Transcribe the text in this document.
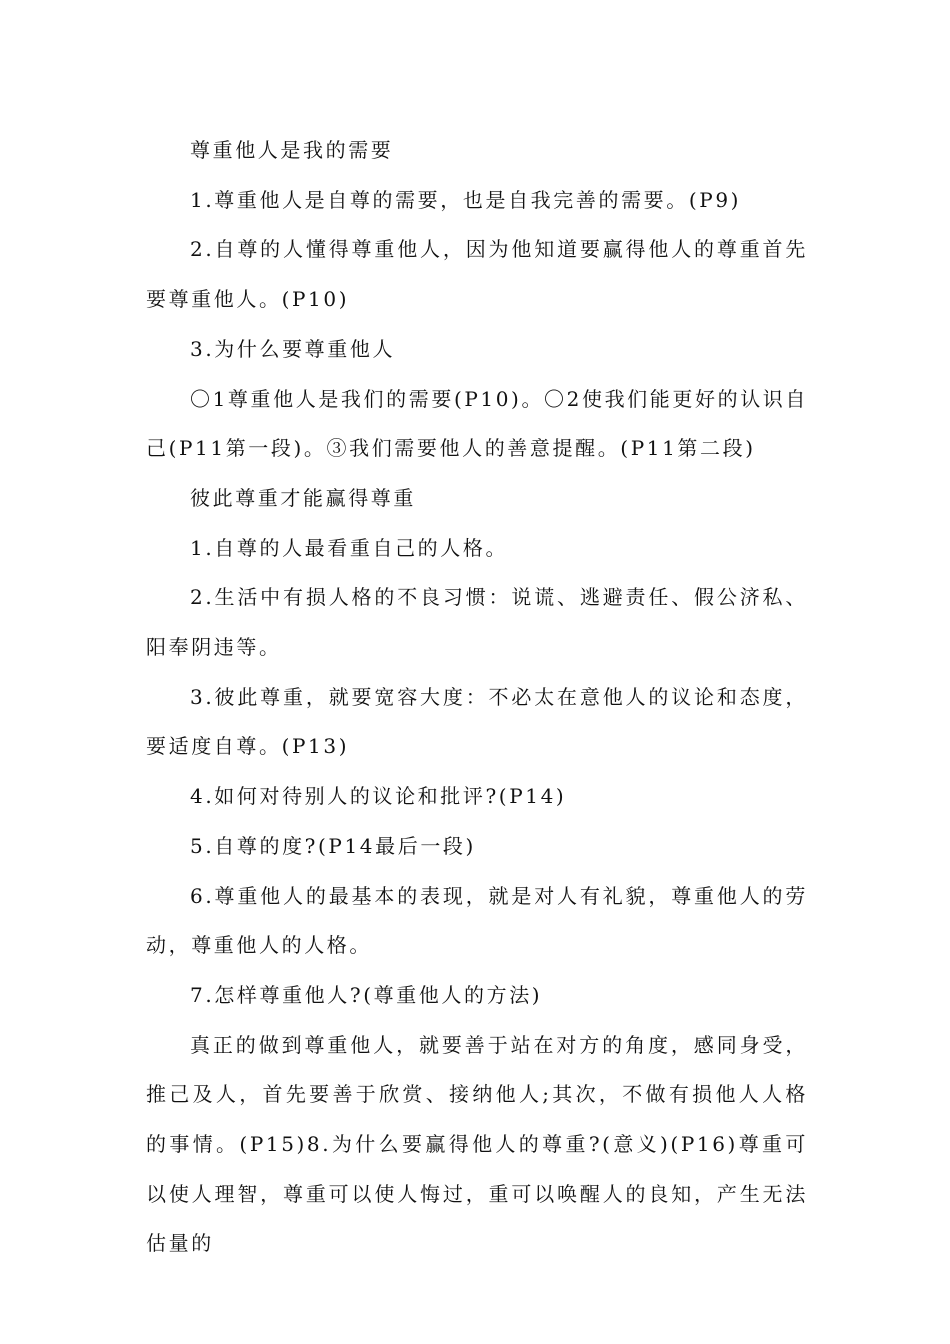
尊重他人是我的需要

1.尊重他人是自尊的需要，也是自我完善的需要。(P9)

2.自尊的人懂得尊重他人，因为他知道要赢得他人的尊重首先要尊重他人。(P10)

3.为什么要尊重他人

〇1尊重他人是我们的需要(P10)。〇2使我们能更好的认识自己(P11第一段)。③我们需要他人的善意提醒。(P11第二段)

彼此尊重才能赢得尊重

1.自尊的人最看重自己的人格。

2.生活中有损人格的不良习惯：说谎、逃避责任、假公济私、阳奉阴违等。

3.彼此尊重，就要宽容大度：不必太在意他人的议论和态度，要适度自尊。(P13)

4.如何对待别人的议论和批评?(P14)

5.自尊的度?(P14最后一段)

6.尊重他人的最基本的表现，就是对人有礼貌，尊重他人的劳动，尊重他人的人格。

7.怎样尊重他人?(尊重他人的方法)

真正的做到尊重他人，就要善于站在对方的角度，感同身受，推己及人，首先要善于欣赏、接纳他人;其次，不做有损他人人格的事情。(P15)8.为什么要赢得他人的尊重?(意义)(P16)尊重可以使人理智，尊重可以使人悔过，重可以唤醒人的良知，产生无法估量的
